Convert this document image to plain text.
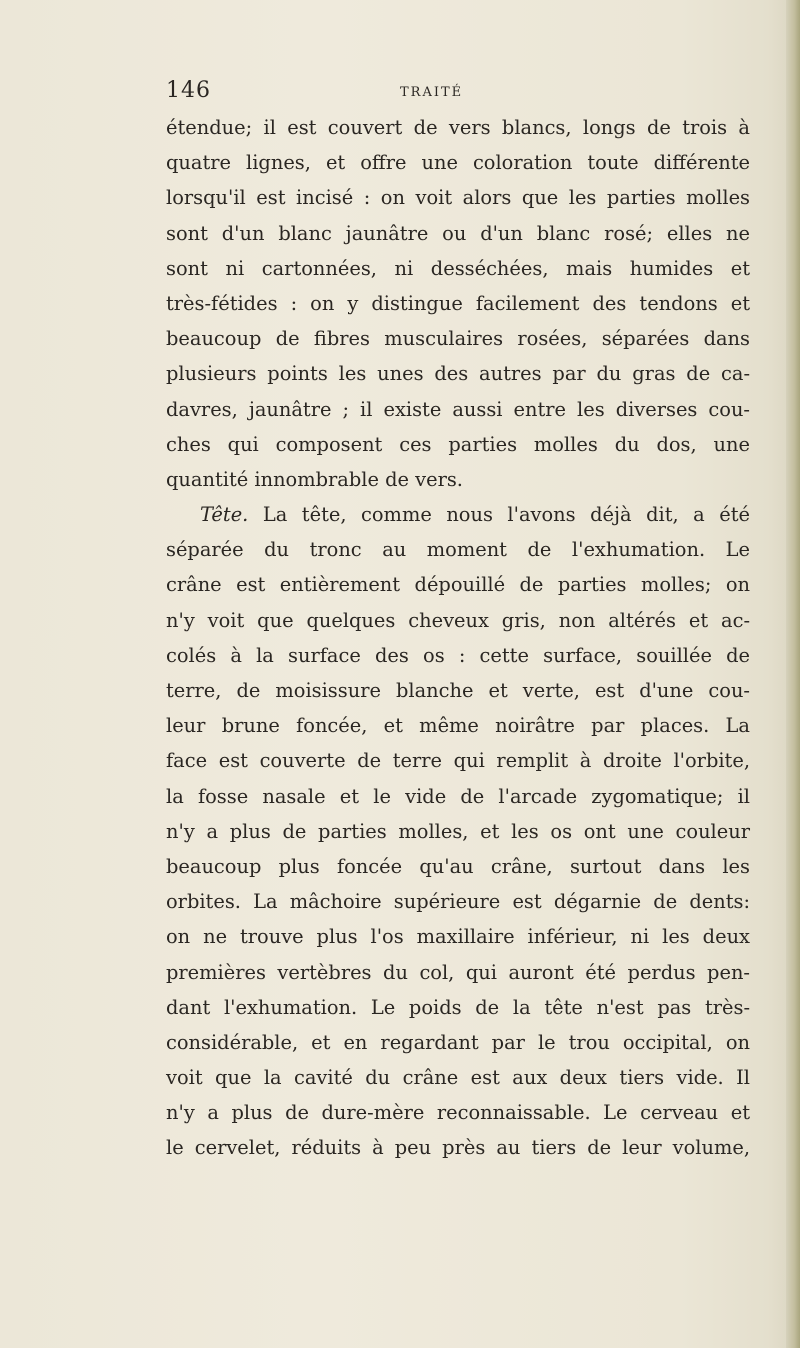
146	TRAITÉ
étendue; il est couvert de vers blancs, longs de trois à
quatre lignes, et offre une coloration toute différente
lorsqu'il est incisé : on voit alors que les parties molles
sont d'un blanc jaunâtre ou d'un blanc rosé; elles ne
sont ni cartonnées, ni desséchées, mais humides et
très-fétides : on y distingue facilement des tendons et
beaucoup de fibres musculaires rosées, séparées dans
plusieurs points les unes des autres par du gras de ca-
davres, jaunâtre ; il existe aussi entre les diverses cou-
ches qui composent ces parties molles du dos, une
quantité innombrable de vers.
Tête. La tête, comme nous l'avons déjà dit, a été
séparée du tronc au moment de l'exhumation. Le
crâne est entièrement dépouillé de parties molles; on
n'y voit que quelques cheveux gris, non altérés et ac-
colés à la surface des os : cette surface, souillée de
terre, de moisissure blanche et verte, est d'une cou-
leur brune foncée, et même noirâtre par places. La
face est couverte de terre qui remplit à droite l'orbite,
la fosse nasale et le vide de l'arcade zygomatique; il
n'y a plus de parties molles, et les os ont une couleur
beaucoup plus foncée qu'au crâne, surtout dans les
orbites. La mâchoire supérieure est dégarnie de dents:
on ne trouve plus l'os maxillaire inférieur, ni les deux
premières vertèbres du col, qui auront été perdus pen-
dant l'exhumation. Le poids de la tête n'est pas très-
considérable, et en regardant par le trou occipital, on
voit que la cavité du crâne est aux deux tiers vide. Il
n'y a plus de dure-mère reconnaissable. Le cerveau et
le cervelet, réduits à peu près au tiers de leur volume,
